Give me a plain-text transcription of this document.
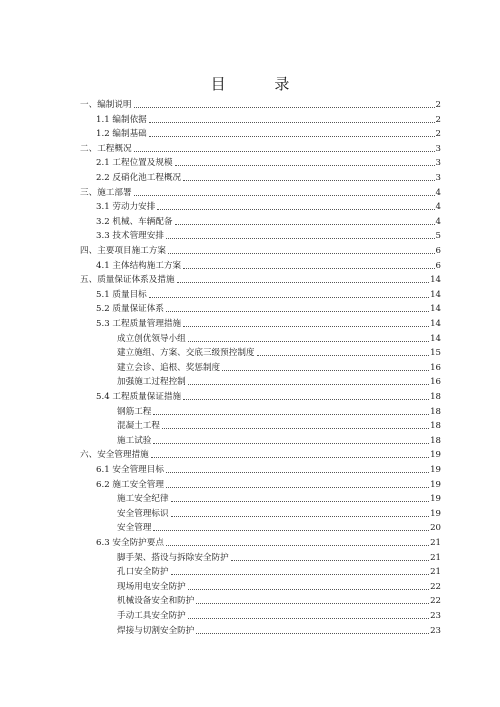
目 录
一、编制说明	2
1.1 编制依据	2
1.2 编制基础	2
二、工程概况	3
2.1 工程位置及规模	3
2.2 反硝化池工程概况	3
三、施工部署	4
3.1 劳动力安排	4
3.2 机械、车辆配备	4
3.3 技术管理安排	5
四、主要项目施工方案	6
4.1 主体结构施工方案	6
五、质量保证体系及措施	14
5.1 质量目标	14
5.2 质量保证体系	14
5.3 工程质量管理措施	14
成立创优领导小组	14
建立施组、方案、交底三级预控制度	15
建立会诊、追根、奖惩制度	16
加强施工过程控制	16
5.4 工程质量保证措施	18
钢筋工程	18
混凝土工程	18
施工试验	18
六、安全管理措施	19
6.1 安全管理目标	19
6.2 施工安全管理	19
施工安全纪律	19
安全管理标识	19
安全管理	20
6.3 安全防护要点	21
脚手架、搭设与拆除安全防护	21
孔口安全防护	21
现场用电安全防护	22
机械设备安全和防护	22
手动工具安全防护	23
焊接与切割安全防护	23
